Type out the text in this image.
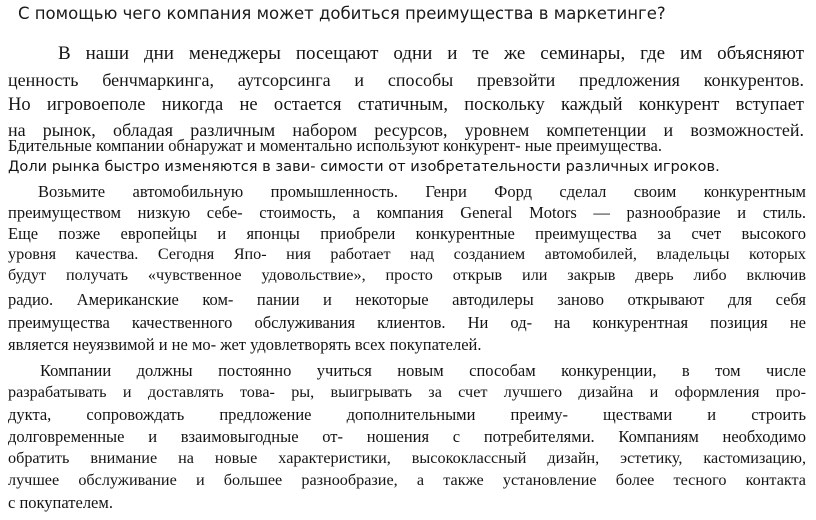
С помощью чего компания может добиться преимущества в маркетинге?
В наши дни менеджеры посещают одни и те же семинары, где им объясняют
ценность бенчмаркинга, аутсорсинга и способы превзойти предложения конкурентов.
Но игровоеполе никогда не остается статичным, поскольку каждый конкурент вступает
на рынок, обладая различным набором ресурсов, уровнем компетенции и возможностей.
Бдительные компании обнаружат и моментально используют конкурент- ные преимущества.
Доли рынка быстро изменяются в зави- симости от изобретательности различных игроков.
Возьмите автомобильную промышленность. Генри Форд сделал своим конкурентным
преимуществом низкую себе- стоимость, а компания General Motors — разнообразие и стиль.
Еще позже европейцы и японцы приобрели конкурентные преимущества за счет высокого
уровня качества. Сегодня Япо- ния работает над созданием автомобилей, владельцы которых
будут получать «чувственное удовольствие», просто открыв или закрыв дверь либо включив
радио. Американские ком- пании и некоторые автодилеры заново открывают для себя
преимущества качественного обслуживания клиентов. Ни од- на конкурентная позиция не
является неуязвимой и не мо- жет удовлетворять всех покупателей.
Компании должны постоянно учиться новым способам конкуренции, в том числе
разрабатывать и доставлять това- ры, выигрывать за счет лучшего дизайна и оформления про-
дукта, сопровождать предложение дополнительными преиму- ществами и строить
долговременные и взаимовыгодные от- ношения с потребителями. Компаниям необходимо
обратить внимание на новые характеристики, высококлассный дизайн, эстетику, кастомизацию,
лучшее обслуживание и большее разнообразие, а также установление более тесного контакта
с покупателем.
